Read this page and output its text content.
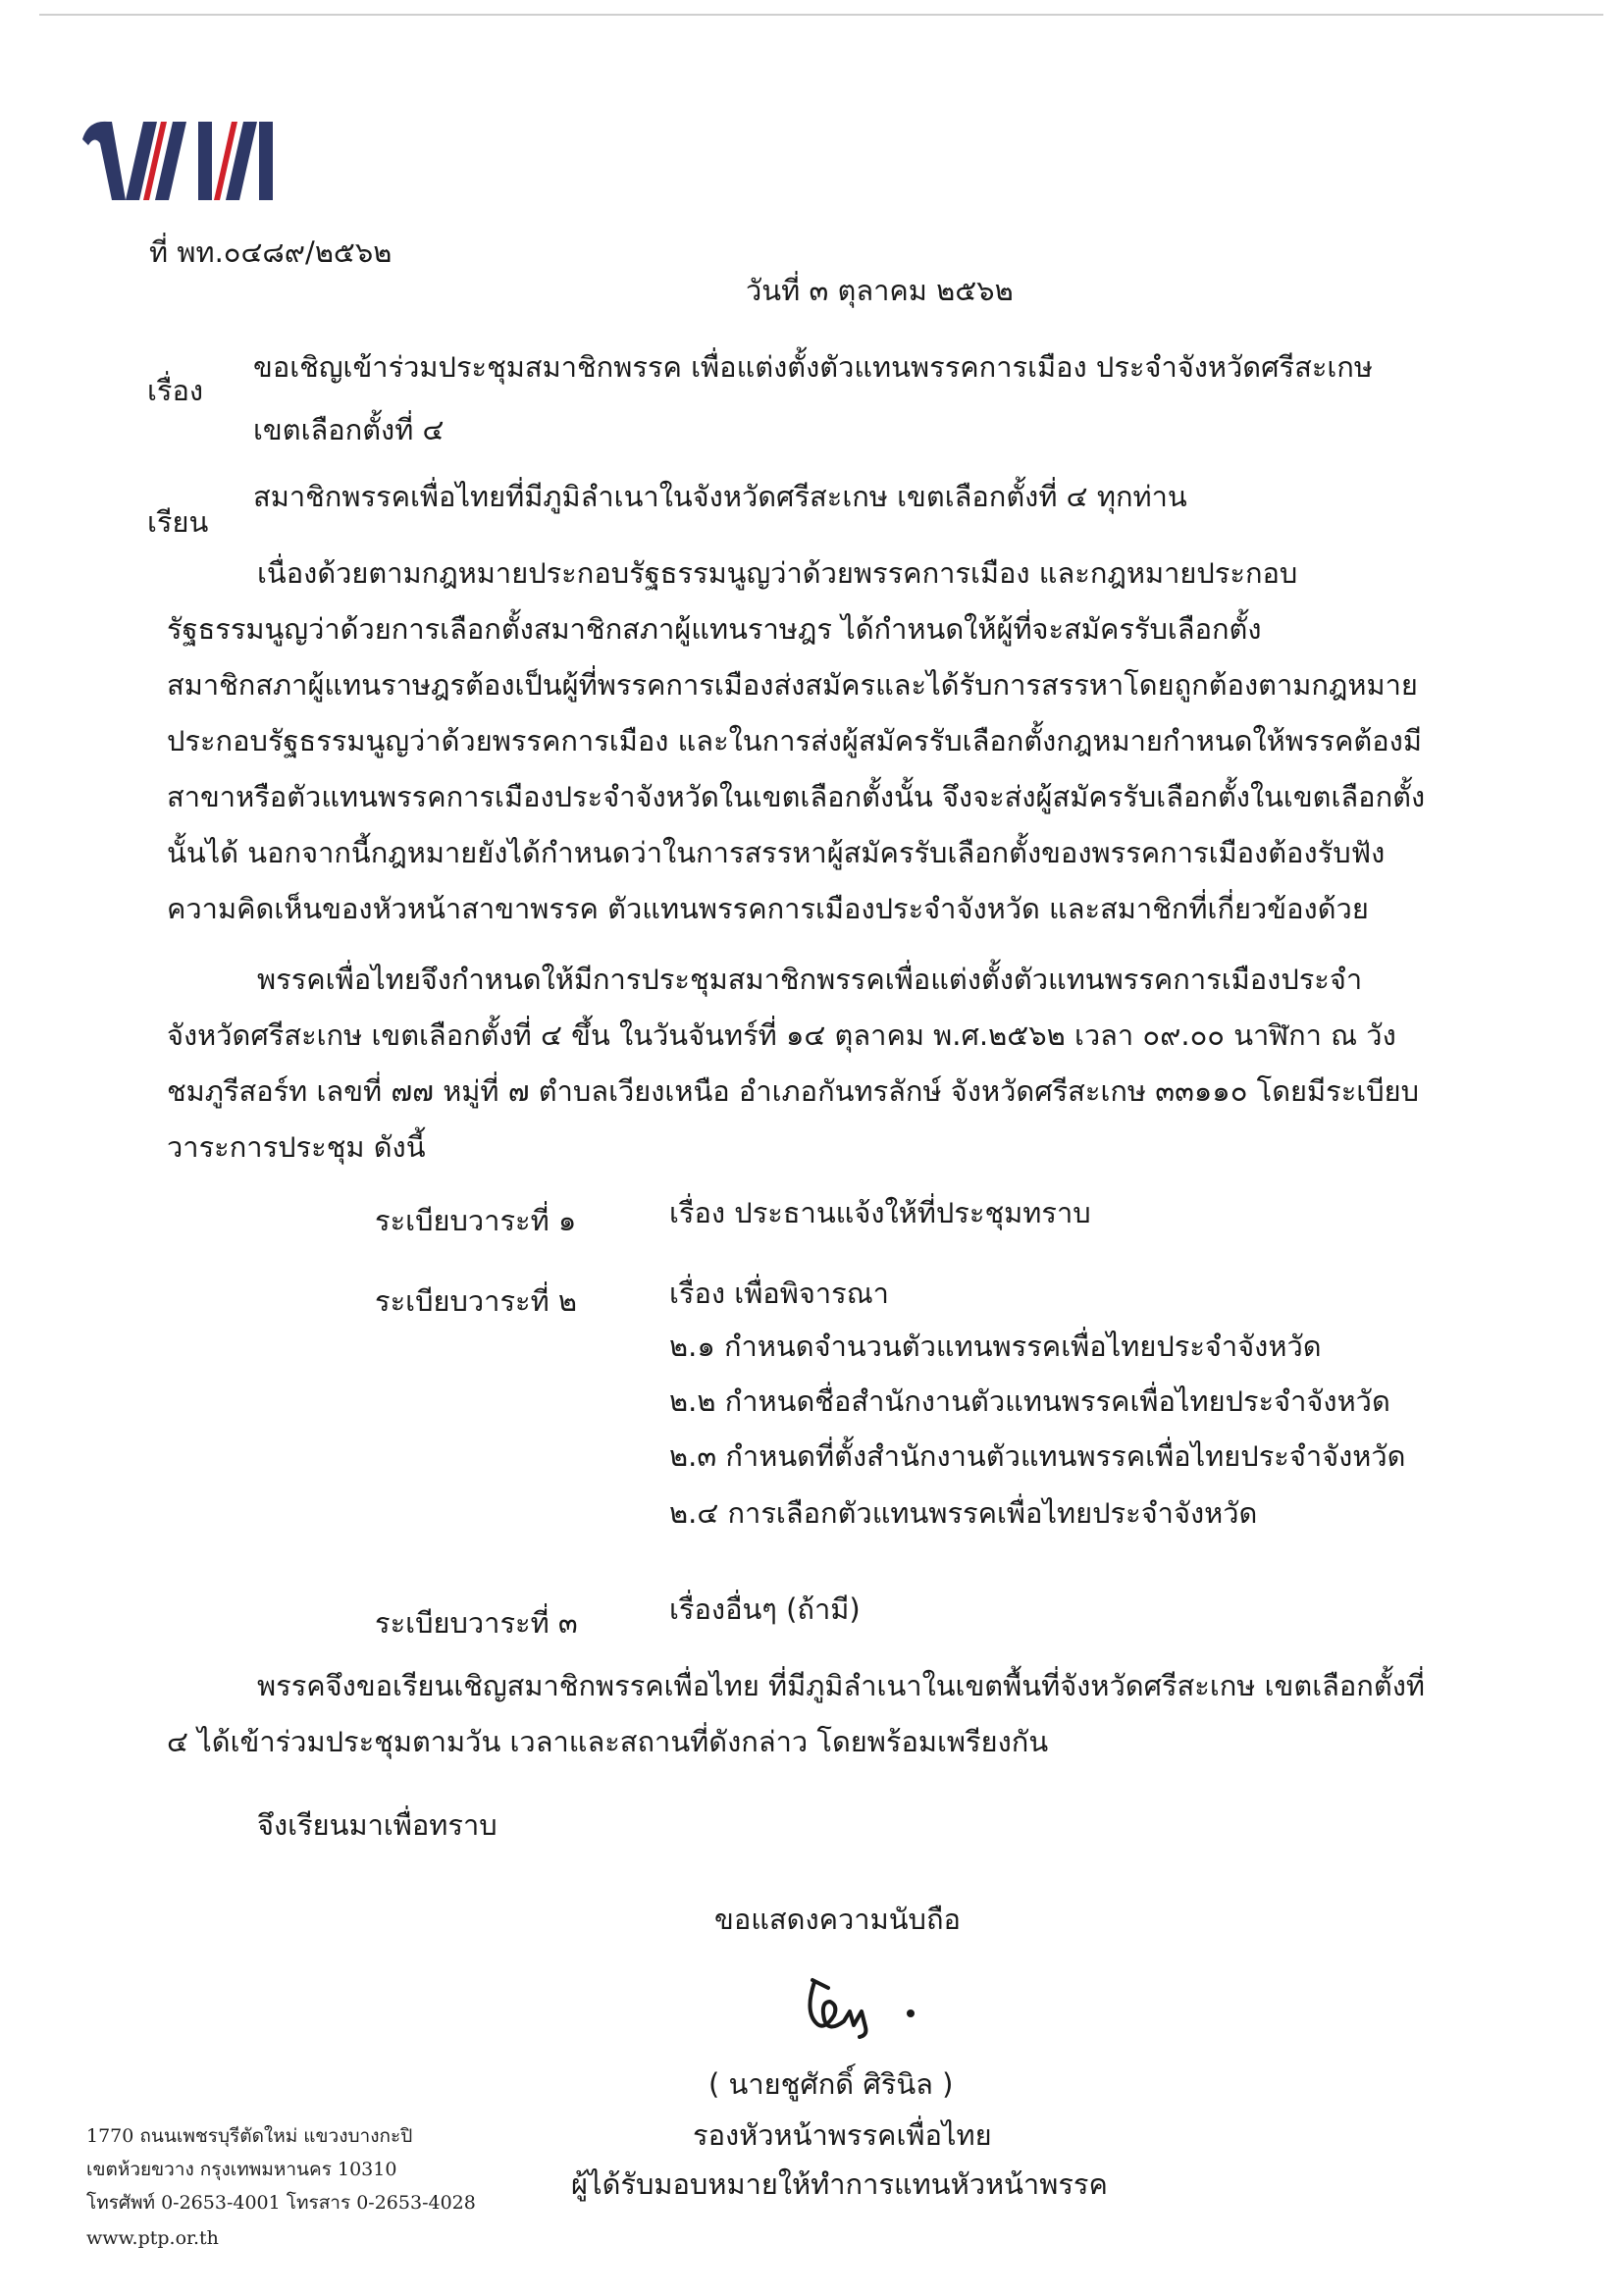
ที่ พท.๐๔๘๙/๒๕๖๒
วันที่ ๓ ตุลาคม ๒๕๖๒
เรื่อง
ขอเชิญเข้าร่วมประชุมสมาชิกพรรค เพื่อแต่งตั้งตัวแทนพรรคการเมือง ประจำจังหวัดศรีสะเกษ
เขตเลือกตั้งที่ ๔
เรียน
สมาชิกพรรคเพื่อไทยที่มีภูมิลำเนาในจังหวัดศรีสะเกษ เขตเลือกตั้งที่ ๔ ทุกท่าน
เนื่องด้วยตามกฎหมายประกอบรัฐธรรมนูญว่าด้วยพรรคการเมือง และกฎหมายประกอบ
รัฐธรรมนูญว่าด้วยการเลือกตั้งสมาชิกสภาผู้แทนราษฎร ได้กำหนดให้ผู้ที่จะสมัครรับเลือกตั้ง
สมาชิกสภาผู้แทนราษฎรต้องเป็นผู้ที่พรรคการเมืองส่งสมัครและได้รับการสรรหาโดยถูกต้องตามกฎหมาย
ประกอบรัฐธรรมนูญว่าด้วยพรรคการเมือง และในการส่งผู้สมัครรับเลือกตั้งกฎหมายกำหนดให้พรรคต้องมี
สาขาหรือตัวแทนพรรคการเมืองประจำจังหวัดในเขตเลือกตั้งนั้น จึงจะส่งผู้สมัครรับเลือกตั้งในเขตเลือกตั้ง
นั้นได้ นอกจากนี้กฎหมายยังได้กำหนดว่าในการสรรหาผู้สมัครรับเลือกตั้งของพรรคการเมืองต้องรับฟัง
ความคิดเห็นของหัวหน้าสาขาพรรค ตัวแทนพรรคการเมืองประจำจังหวัด และสมาชิกที่เกี่ยวข้องด้วย
พรรคเพื่อไทยจึงกำหนดให้มีการประชุมสมาชิกพรรคเพื่อแต่งตั้งตัวแทนพรรคการเมืองประจำ
จังหวัดศรีสะเกษ เขตเลือกตั้งที่ ๔ ขึ้น ในวันจันทร์ที่ ๑๔ ตุลาคม พ.ศ.๒๕๖๒ เวลา ๐๙.๐๐ นาฬิกา ณ วัง
ชมภูรีสอร์ท เลขที่ ๗๗ หมู่ที่ ๗ ตำบลเวียงเหนือ อำเภอกันทรลักษ์ จังหวัดศรีสะเกษ ๓๓๑๑๐ โดยมีระเบียบ
วาระการประชุม ดังนี้
ระเบียบวาระที่ ๑	เรื่อง ประธานแจ้งให้ที่ประชุมทราบ
ระเบียบวาระที่ ๒	เรื่อง เพื่อพิจารณา
๒.๑ กำหนดจำนวนตัวแทนพรรคเพื่อไทยประจำจังหวัด
๒.๒ กำหนดชื่อสำนักงานตัวแทนพรรคเพื่อไทยประจำจังหวัด
๒.๓ กำหนดที่ตั้งสำนักงานตัวแทนพรรคเพื่อไทยประจำจังหวัด
๒.๔ การเลือกตัวแทนพรรคเพื่อไทยประจำจังหวัด
ระเบียบวาระที่ ๓	เรื่องอื่นๆ (ถ้ามี)
พรรคจึงขอเรียนเชิญสมาชิกพรรคเพื่อไทย ที่มีภูมิลำเนาในเขตพื้นที่จังหวัดศรีสะเกษ เขตเลือกตั้งที่
๔ ได้เข้าร่วมประชุมตามวัน เวลาและสถานที่ดังกล่าว โดยพร้อมเพรียงกัน
จึงเรียนมาเพื่อทราบ
ขอแสดงความนับถือ
( นายชูศักดิ์ ศิรินิล )
รองหัวหน้าพรรคเพื่อไทย
ผู้ได้รับมอบหมายให้ทำการแทนหัวหน้าพรรค
1770 ถนนเพชรบุรีตัดใหม่ แขวงบางกะปิ
เขตห้วยขวาง กรุงเทพมหานคร 10310
โทรศัพท์ 0-2653-4001 โทรสาร 0-2653-4028
www.ptp.or.th
